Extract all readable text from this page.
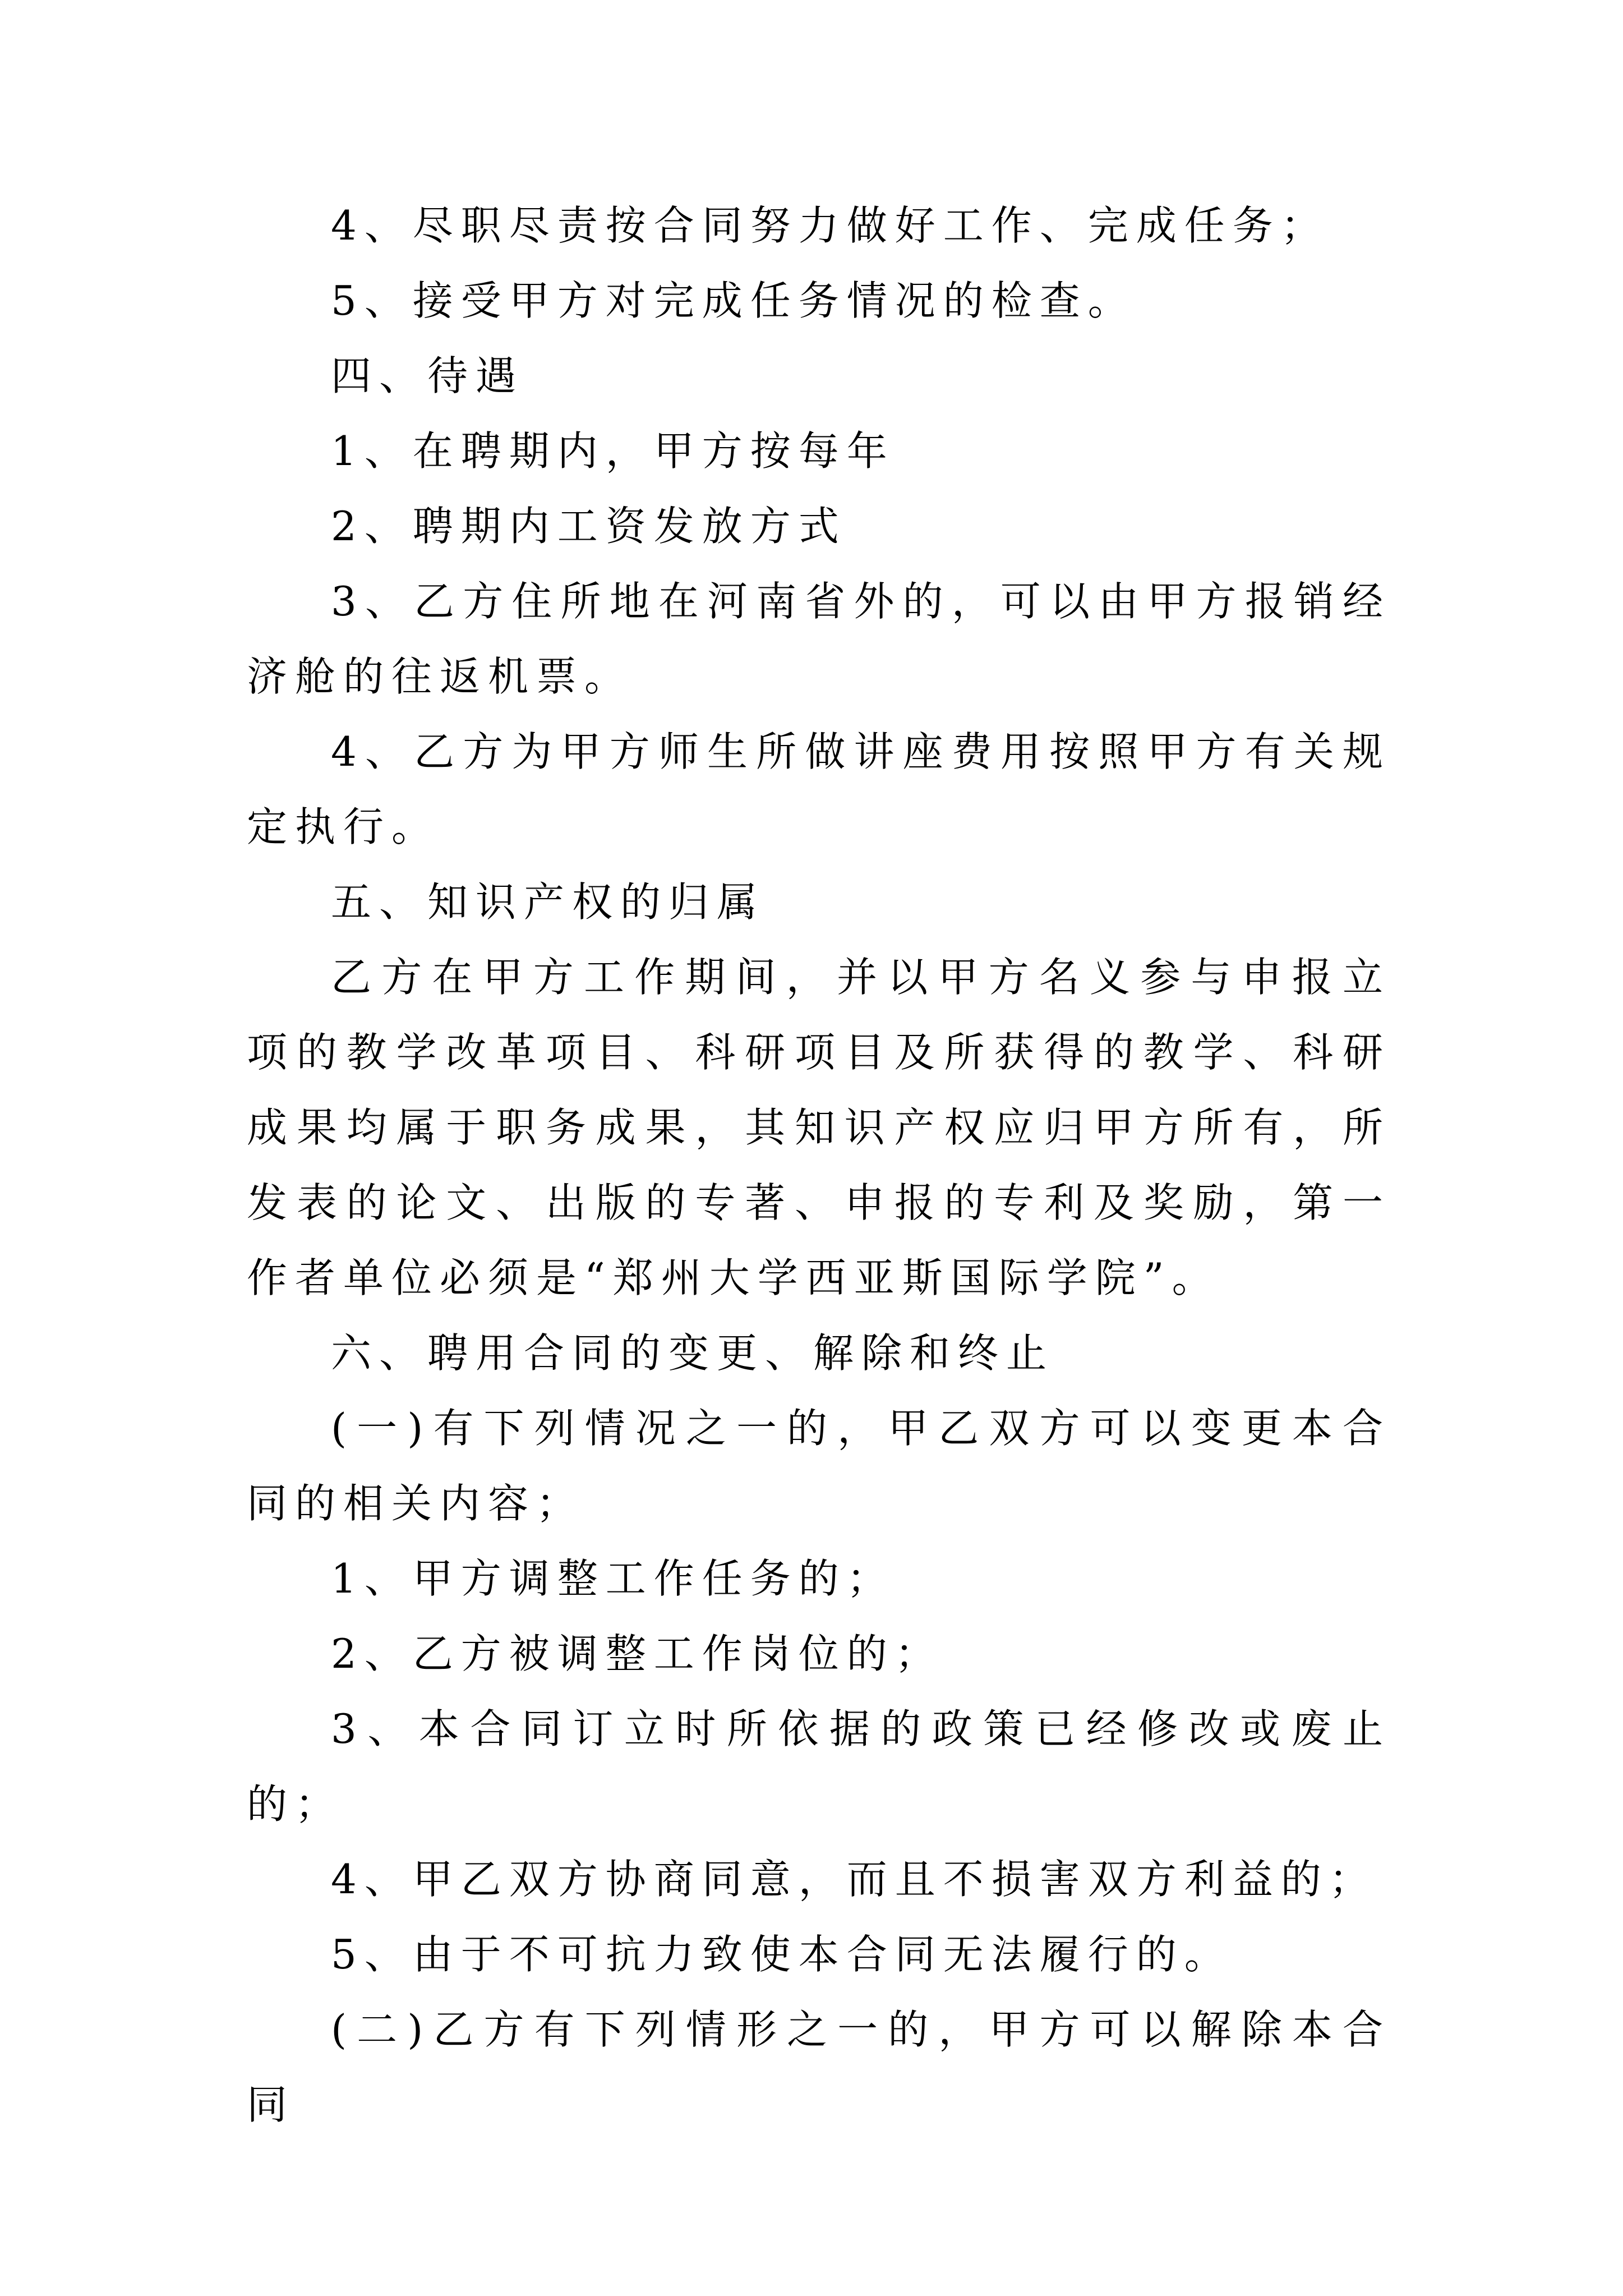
4、尽职尽责按合同努力做好工作、完成任务；

5、接受甲方对完成任务情况的检查。

四、待遇

1、在聘期内，甲方按每年

2、聘期内工资发放方式

3、乙方住所地在河南省外的，可以由甲方报销经济舱的往返机票。

4、乙方为甲方师生所做讲座费用按照甲方有关规定执行。

五、知识产权的归属

乙方在甲方工作期间，并以甲方名义参与申报立项的教学改革项目、科研项目及所获得的教学、科研成果均属于职务成果，其知识产权应归甲方所有，所发表的论文、出版的专著、申报的专利及奖励，第一作者单位必须是“郑州大学西亚斯国际学院”。

六、聘用合同的变更、解除和终止

(一)有下列情况之一的，甲乙双方可以变更本合同的相关内容；

1、甲方调整工作任务的；

2、乙方被调整工作岗位的；

3、本合同订立时所依据的政策已经修改或废止的；

4、甲乙双方协商同意，而且不损害双方利益的；

5、由于不可抗力致使本合同无法履行的。

(二)乙方有下列情形之一的，甲方可以解除本合同
